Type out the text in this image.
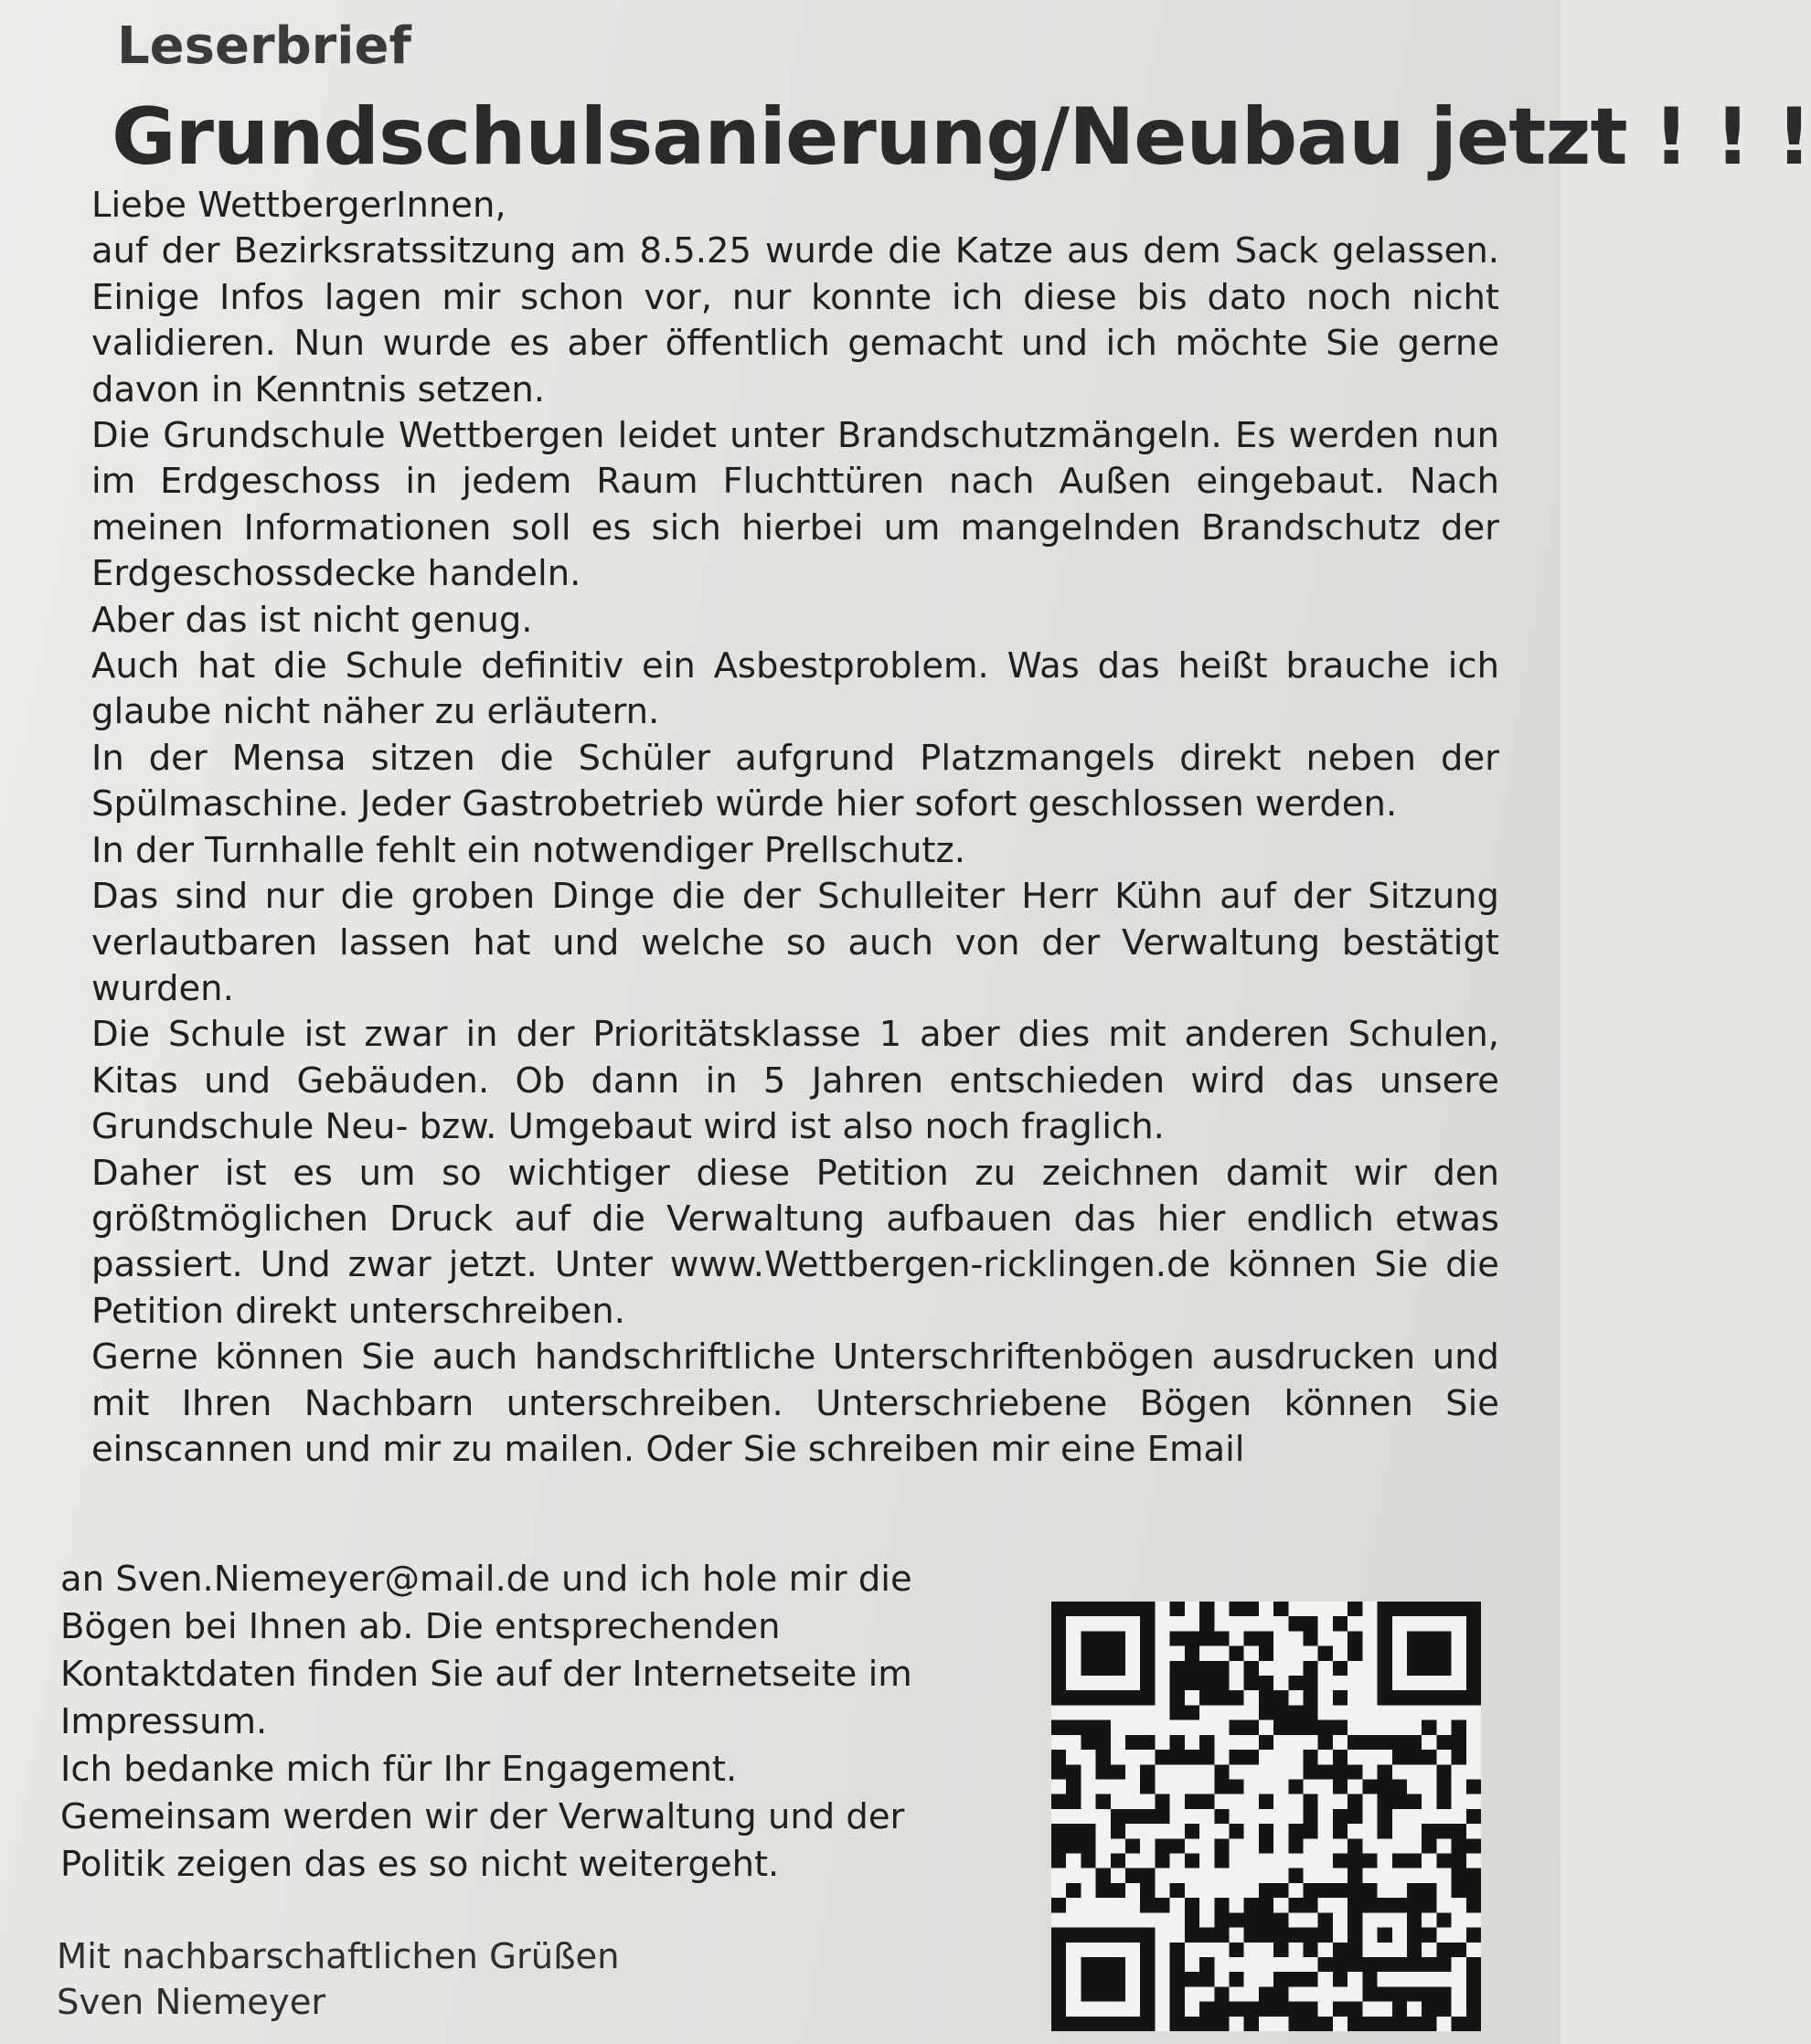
Leserbrief
Grundschulsanierung/Neubau jetzt ! ! !

Liebe WettbergerInnen,

auf der Bezirksratssitzung am 8.5.25 wurde die Katze aus dem Sack gelassen. Einige Infos lagen mir schon vor, nur konnte ich diese bis dato noch nicht validieren. Nun wurde es aber öffentlich gemacht und ich möchte Sie gerne davon in Kenntnis setzen.

Die Grundschule Wettbergen leidet unter Brandschutzmängeln. Es werden nun im Erdgeschoss in jedem Raum Fluchttüren nach Außen eingebaut. Nach meinen Informationen soll es sich hierbei um mangelnden Brandschutz der Erdgeschossdecke handeln.

Aber das ist nicht genug.

Auch hat die Schule definitiv ein Asbestproblem. Was das heißt brauche ich glaube nicht näher zu erläutern.

In der Mensa sitzen die Schüler aufgrund Platzmangels direkt neben der Spülmaschine. Jeder Gastrobetrieb würde hier sofort geschlossen werden.

In der Turnhalle fehlt ein notwendiger Prellschutz.

Das sind nur die groben Dinge die der Schulleiter Herr Kühn auf der Sitzung verlautbaren lassen hat und welche so auch von der Verwaltung bestätigt wurden.

Die Schule ist zwar in der Prioritätsklasse 1 aber dies mit anderen Schulen, Kitas und Gebäuden. Ob dann in 5 Jahren entschieden wird das unsere Grundschule Neu- bzw. Umgebaut wird ist also noch fraglich.

Daher ist es um so wichtiger diese Petition zu zeichnen damit wir den größtmöglichen Druck auf die Verwaltung aufbauen das hier endlich etwas passiert. Und zwar jetzt. Unter www.Wettbergen-ricklingen.de können Sie die Petition direkt unterschreiben.

Gerne können Sie auch handschriftliche Unterschriftenbögen ausdrucken und mit Ihren Nachbarn unterschreiben. Unterschriebene Bögen können Sie einscannen und mir zu mailen. Oder Sie schreiben mir eine Email

an Sven.Niemeyer@mail.de und ich hole mir die Bögen bei Ihnen ab. Die entsprechenden Kontaktdaten finden Sie auf der Internetseite im Impressum.

Ich bedanke mich für Ihr Engagement.

Gemeinsam werden wir der Verwaltung und der Politik zeigen das es so nicht weitergeht.

Mit nachbarschaftlichen Grüßen

Sven Niemeyer
